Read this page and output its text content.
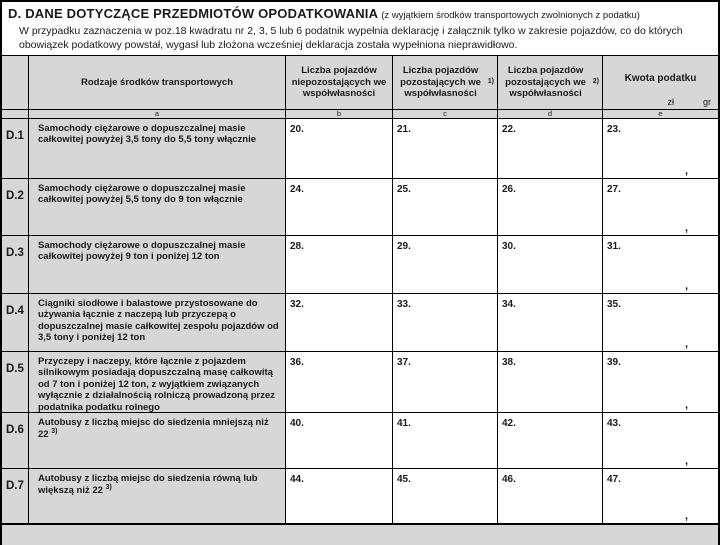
D. DANE DOTYCZĄCE PRZEDMIOTÓW OPODATKOWANIA (z wyjątkiem środków transportowych zwolnionych z podatku)
W przypadku zaznaczenia w poz.18 kwadratu nr 2, 3, 5 lub 6 podatnik wypełnia deklarację i załącznik tylko w zakresie pojazdów, co do których obowiązek podatkowy powstał, wygasł lub złożona wcześniej deklaracja została wypełniona nieprawidłowo.
Rodzaje środków transportowych
Liczba pojazdów niepozostających we współwłasności
Liczba pojazdów pozostających we współwłasności

1)
Liczba pojazdów pozostających we współwłasności

2)	Kwota podatku
zł	gr
a	b	c	d	e
D.1
Samochody ciężarowe o dopuszczalnej masie całkowitej powyżej 3,5 tony do 5,5 tony włącznie
20.	21.	22.	23.
,
D.2
Samochody ciężarowe o dopuszczalnej masie całkowitej powyżej 5,5 tony do 9 ton włącznie
24.	25.	26.	27.
,
D.3
Samochody ciężarowe o dopuszczalnej masie całkowitej powyżej 9 ton i poniżej 12 ton
28.	29.	30.	31.
,
D.4
Ciągniki siodłowe i balastowe przystosowane do używania łącznie z naczepą lub przyczepą o dopuszczalnej masie całkowitej zespołu pojazdów od 3,5 tony i poniżej 12 ton
32.	33.	34.	35.
,
D.5
Przyczepy i naczepy, które łącznie z pojazdem silnikowym posiadają dopuszczalną masę całkowitą od 7 ton i poniżej 12 ton, z wyjątkiem związanych wyłącznie z działalnością rolniczą prowadzoną przez podatnika podatku rolnego
36.	37.	38.	39.
,
D.6
Autobusy z liczbą miejsc do siedzenia mniejszą niż 22 $^{3)}$
40.	41.	42.	43.
,
D.7
Autobusy z liczbą miejsc do siedzenia równą lub większą niż 22 $^{3)}$
44.	45.	46.	47.
,
